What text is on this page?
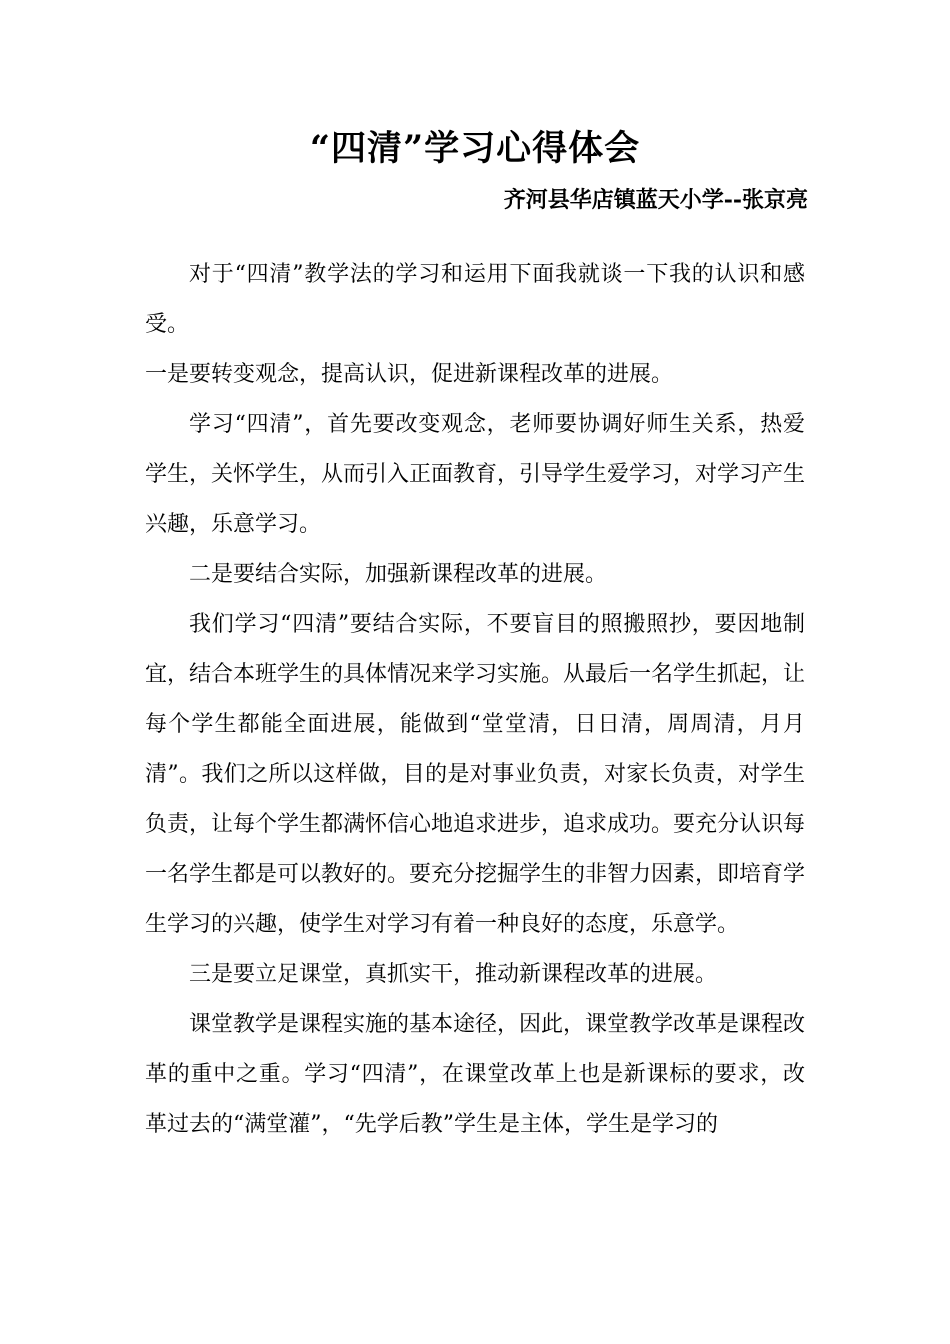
“四清”学习心得体会
齐河县华店镇蓝天小学--张京亮

对于“四清”教学法的学习和运用下面我就谈一下我的认识和感受。

一是要转变观念，提高认识，促进新课程改革的进展。

学习“四清”，首先要改变观念，老师要协调好师生关系，热爱学生，关怀学生，从而引入正面教育，引导学生爱学习，对学习产生兴趣，乐意学习。

二是要结合实际，加强新课程改革的进展。

我们学习“四清”要结合实际，不要盲目的照搬照抄，要因地制宜，结合本班学生的具体情况来学习实施。从最后一名学生抓起，让每个学生都能全面进展，能做到“堂堂清，日日清，周周清，月月清”。我们之所以这样做，目的是对事业负责，对家长负责，对学生负责，让每个学生都满怀信心地追求进步，追求成功。要充分认识每一名学生都是可以教好的。要充分挖掘学生的非智力因素，即培育学生学习的兴趣，使学生对学习有着一种良好的态度，乐意学。

三是要立足课堂，真抓实干，推动新课程改革的进展。

课堂教学是课程实施的基本途径，因此，课堂教学改革是课程改革的重中之重。学习“四清”，在课堂改革上也是新课标的要求，改革过去的“满堂灌”，“先学后教”学生是主体，学生是学习的
